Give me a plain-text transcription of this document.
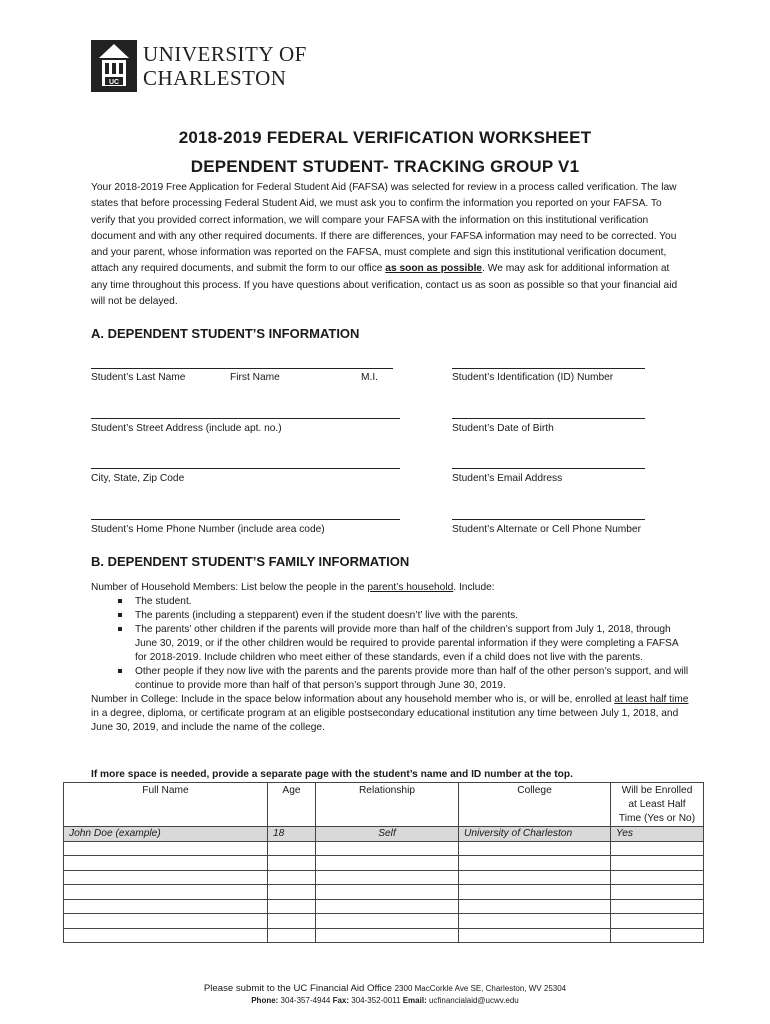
UC
UNIVERSITY OF
CHARLESTON
2018-2019 FEDERAL VERIFICATION WORKSHEET
DEPENDENT STUDENT- TRACKING GROUP V1
Your 2018-2019 Free Application for Federal Student Aid (FAFSA) was selected for review in a process called verification. The law states that before processing Federal Student Aid, we must ask you to confirm the information you reported on your FAFSA. To verify that you provided correct information, we will compare your FAFSA with the information on this institutional verification document and with any other required documents. If there are differences, your FAFSA information may need to be corrected. You and your parent, whose information was reported on the FAFSA, must complete and sign this institutional verification document, attach any required documents, and submit the form to our office as soon as possible. We may ask for additional information at any time throughout this process. If you have questions about verification, contact us as soon as possible so that your financial aid will not be delayed.
A. DEPENDENT STUDENT’S INFORMATION
Student’s Last Name	First Name	M.I.	Student’s Identification (ID) Number
Student’s Street Address (include apt. no.)	Student’s Date of Birth
City, State, Zip Code	Student’s Email Address
Student’s Home Phone Number (include area code)	Student’s Alternate or Cell Phone Number
B. DEPENDENT STUDENT’S FAMILY INFORMATION

Number of Household Members: List below the people in the parent’s household. Include:

The student.
The parents (including a stepparent) even if the student doesn’t’ live with the parents.
The parents’ other children if the parents will provide more than half of the children’s support from July 1, 2018, through June 30, 2019, or if the other children would be required to provide parental information if they were completing a FAFSA for 2018-2019. Include children who meet either of these standards, even if a child does not live with the parents.
Other people if they now live with the parents and the parents provide more than half of the other person’s support, and will continue to provide more than half of that person’s support through June 30, 2019.

Number in College: Include in the space below information about any household member who is, or will be, enrolled at least half time in a degree, diploma, or certificate program at an eligible postsecondary educational institution any time between July 1, 2018, and June 30, 2019, and include the name of the college.

If more space is needed, provide a separate page with the student’s name and ID number at the top.
Full Name	Age	Relationship	College	Will be Enrolled at Least Half Time (Yes or No)
John Doe (example)	18	Self	University of Charleston	Yes

Please submit to the UC Financial Aid Office 2300 MacCorkle Ave SE, Charleston, WV 25304
Phone: 304-357-4944 Fax: 304-352-0011 Email: ucfinancialaid@ucwv.edu
